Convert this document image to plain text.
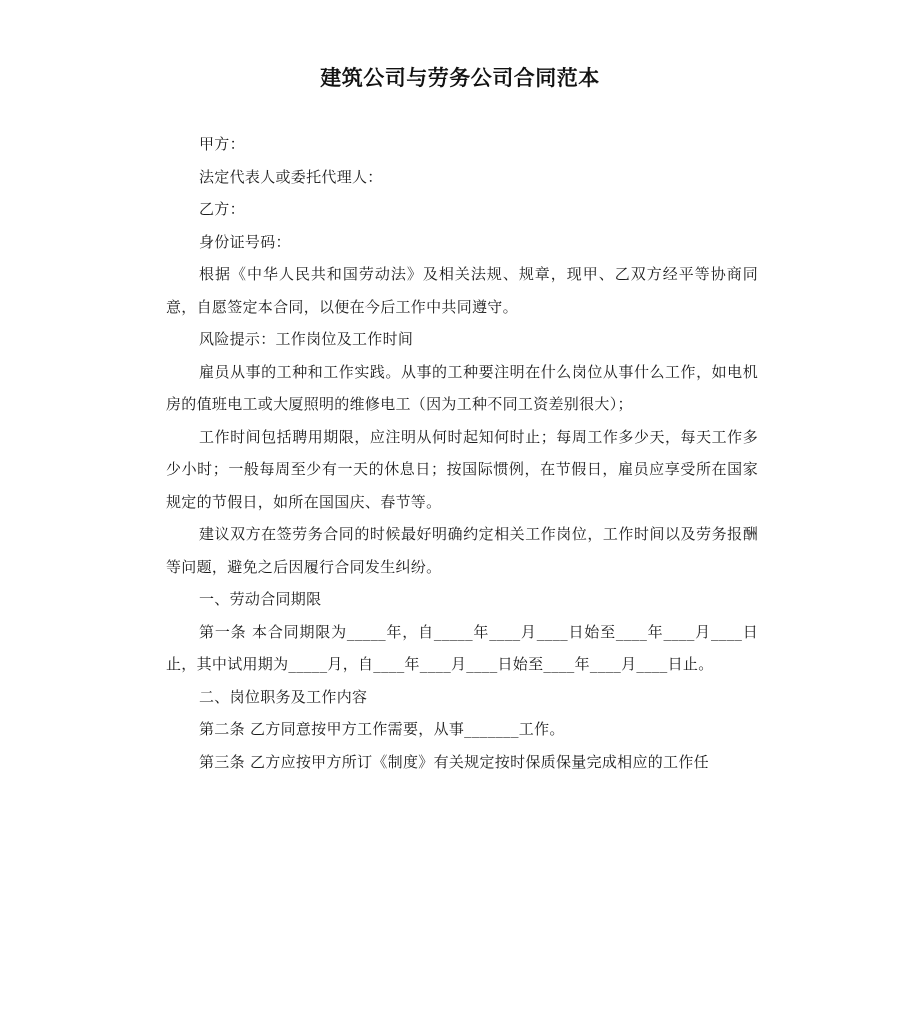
建筑公司与劳务公司合同范本

甲方：

法定代表人或委托代理人：

乙方：

身份证号码：

根据《中华人民共和国劳动法》及相关法规、规章，现甲、乙双方经平等协商同意，自愿签定本合同，以便在今后工作中共同遵守。

风险提示：工作岗位及工作时间

雇员从事的工种和工作实践。从事的工种要注明在什么岗位从事什么工作，如电机房的值班电工或大厦照明的维修电工（因为工种不同工资差别很大）；

工作时间包括聘用期限，应注明从何时起知何时止；每周工作多少天，每天工作多少小时；一般每周至少有一天的休息日；按国际惯例，在节假日，雇员应享受所在国家规定的节假日，如所在国国庆、春节等。

建议双方在签劳务合同的时候最好明确约定相关工作岗位，工作时间以及劳务报酬等问题，避免之后因履行合同发生纠纷。

一、劳动合同期限

第一条 本合同期限为_____年，自_____年____月____日始至____年____月____日止，其中试用期为_____月，自____年____月____日始至____年____月____日止。

二、岗位职务及工作内容

第二条 乙方同意按甲方工作需要，从事_______工作。

第三条 乙方应按甲方所订《制度》有关规定按时保质保量完成相应的工作任
